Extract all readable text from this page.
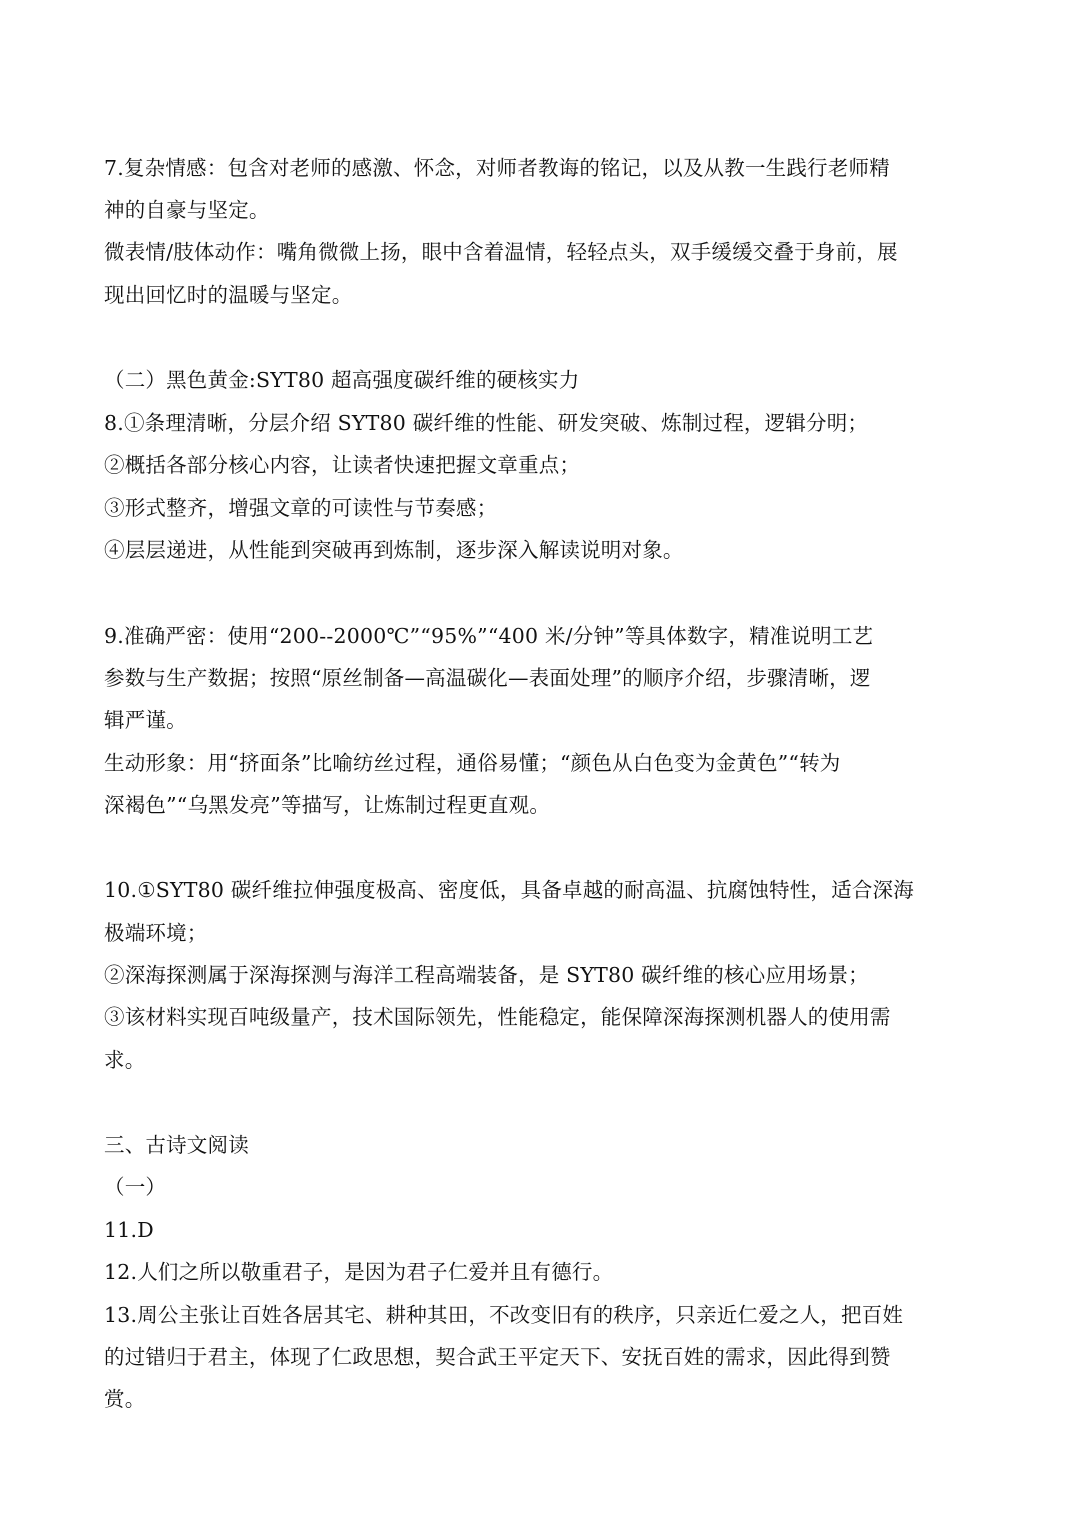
7.复杂情感：包含对老师的感激、怀念，对师者教诲的铭记，以及从教一生践行老师精
神的自豪与坚定。
微表情/肢体动作：嘴角微微上扬，眼中含着温情，轻轻点头，双手缓缓交叠于身前，展
现出回忆时的温暖与坚定。
（二）黑色黄金:SYT80 超高强度碳纤维的硬核实力
8.①条理清晰，分层介绍 SYT80 碳纤维的性能、研发突破、炼制过程，逻辑分明；
②概括各部分核心内容，让读者快速把握文章重点；
③形式整齐，增强文章的可读性与节奏感；
④层层递进，从性能到突破再到炼制，逐步深入解读说明对象。
9.准确严密：使用“200--2000℃”“95%”“400 米/分钟”等具体数字，精准说明工艺
参数与生产数据；按照“原丝制备—高温碳化—表面处理”的顺序介绍，步骤清晰，逻
辑严谨。
生动形象：用“挤面条”比喻纺丝过程，通俗易懂；“颜色从白色变为金黄色”“转为
深褐色”“乌黑发亮”等描写，让炼制过程更直观。
10.①SYT80 碳纤维拉伸强度极高、密度低，具备卓越的耐高温、抗腐蚀特性，适合深海
极端环境；
②深海探测属于深海探测与海洋工程高端装备，是 SYT80 碳纤维的核心应用场景；
③该材料实现百吨级量产，技术国际领先，性能稳定，能保障深海探测机器人的使用需
求。
三、古诗文阅读
（一）
11.D
12.人们之所以敬重君子，是因为君子仁爱并且有德行。
13.周公主张让百姓各居其宅、耕种其田，不改变旧有的秩序，只亲近仁爱之人，把百姓
的过错归于君主，体现了仁政思想，契合武王平定天下、安抚百姓的需求，因此得到赞
赏。
